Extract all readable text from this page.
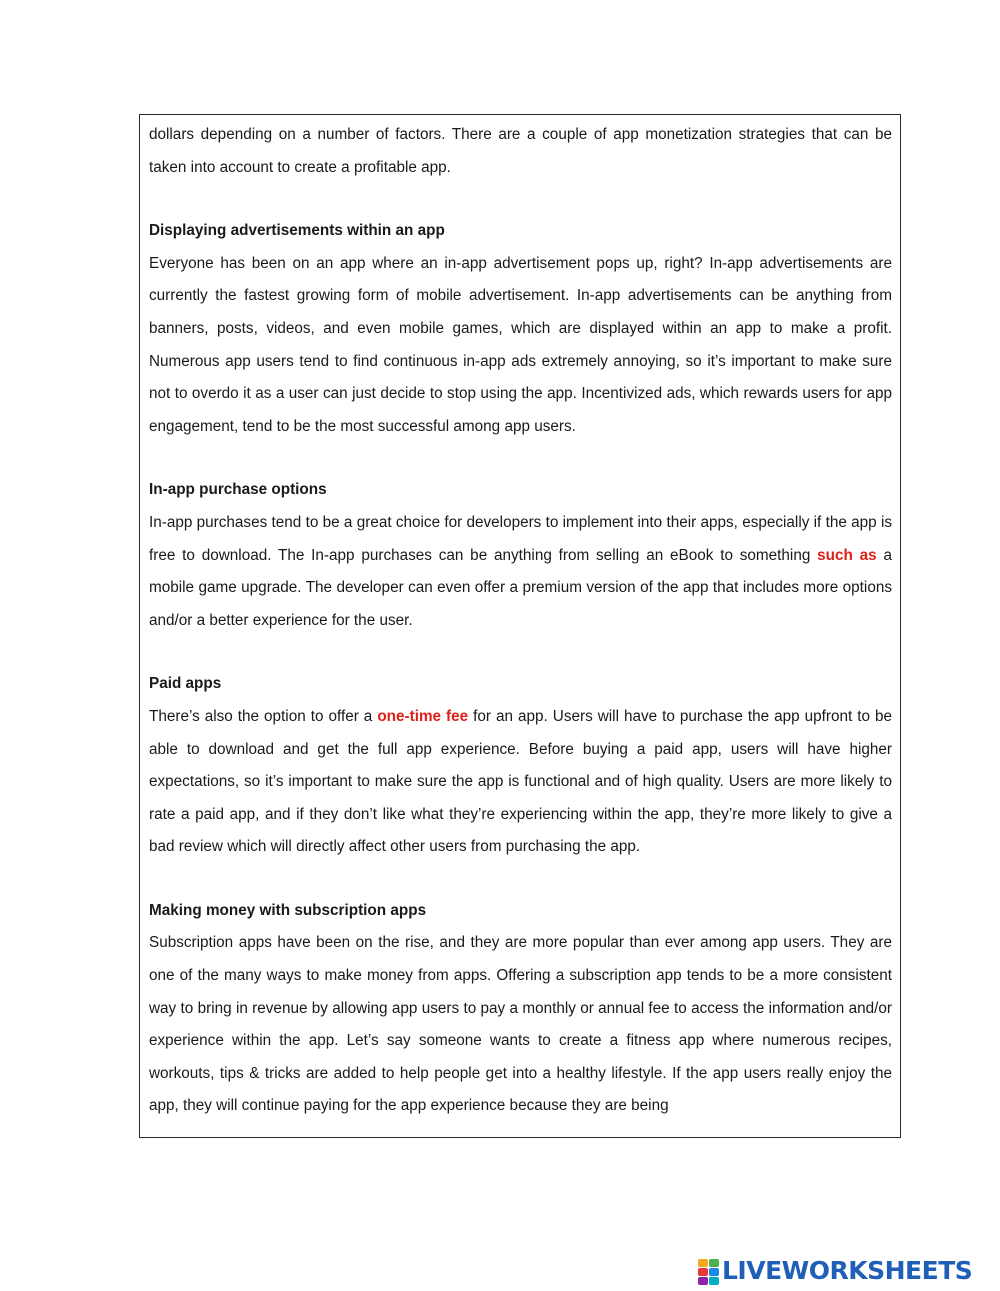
dollars depending on a number of factors. There are a couple of app monetization strategies that can be taken into account to create a profitable app.

Displaying advertisements within an app

Everyone has been on an app where an in-app advertisement pops up, right? In-app advertisements are currently the fastest growing form of mobile advertisement. In-app advertisements can be anything from banners, posts, videos, and even mobile games, which are displayed within an app to make a profit. Numerous app users tend to find continuous in-app ads extremely annoying, so it’s important to make sure not to overdo it as a user can just decide to stop using the app. Incentivized ads, which rewards users for app engagement, tend to be the most successful among app users.

In-app purchase options

In-app purchases tend to be a great choice for developers to implement into their apps, especially if the app is free to download. The In-app purchases can be anything from selling an eBook to something such as a mobile game upgrade. The developer can even offer a premium version of the app that includes more options and/or a better experience for the user.

Paid apps

There’s also the option to offer a one-time fee for an app. Users will have to purchase the app upfront to be able to download and get the full app experience. Before buying a paid app, users will have higher expectations, so it’s important to make sure the app is functional and of high quality. Users are more likely to rate a paid app, and if they don’t like what they’re experiencing within the app, they’re more likely to give a bad review which will directly affect other users from purchasing the app.

Making money with subscription apps

Subscription apps have been on the rise, and they are more popular than ever among app users. They are one of the many ways to make money from apps. Offering a subscription app tends to be a more consistent way to bring in revenue by allowing app users to pay a monthly or annual fee to access the information and/or experience within the app. Let’s say someone wants to create a fitness app where numerous recipes, workouts, tips & tricks are added to help people get into a healthy lifestyle. If the app users really enjoy the app, they will continue paying for the app experience because they are being

LIVEWORKSHEETS
